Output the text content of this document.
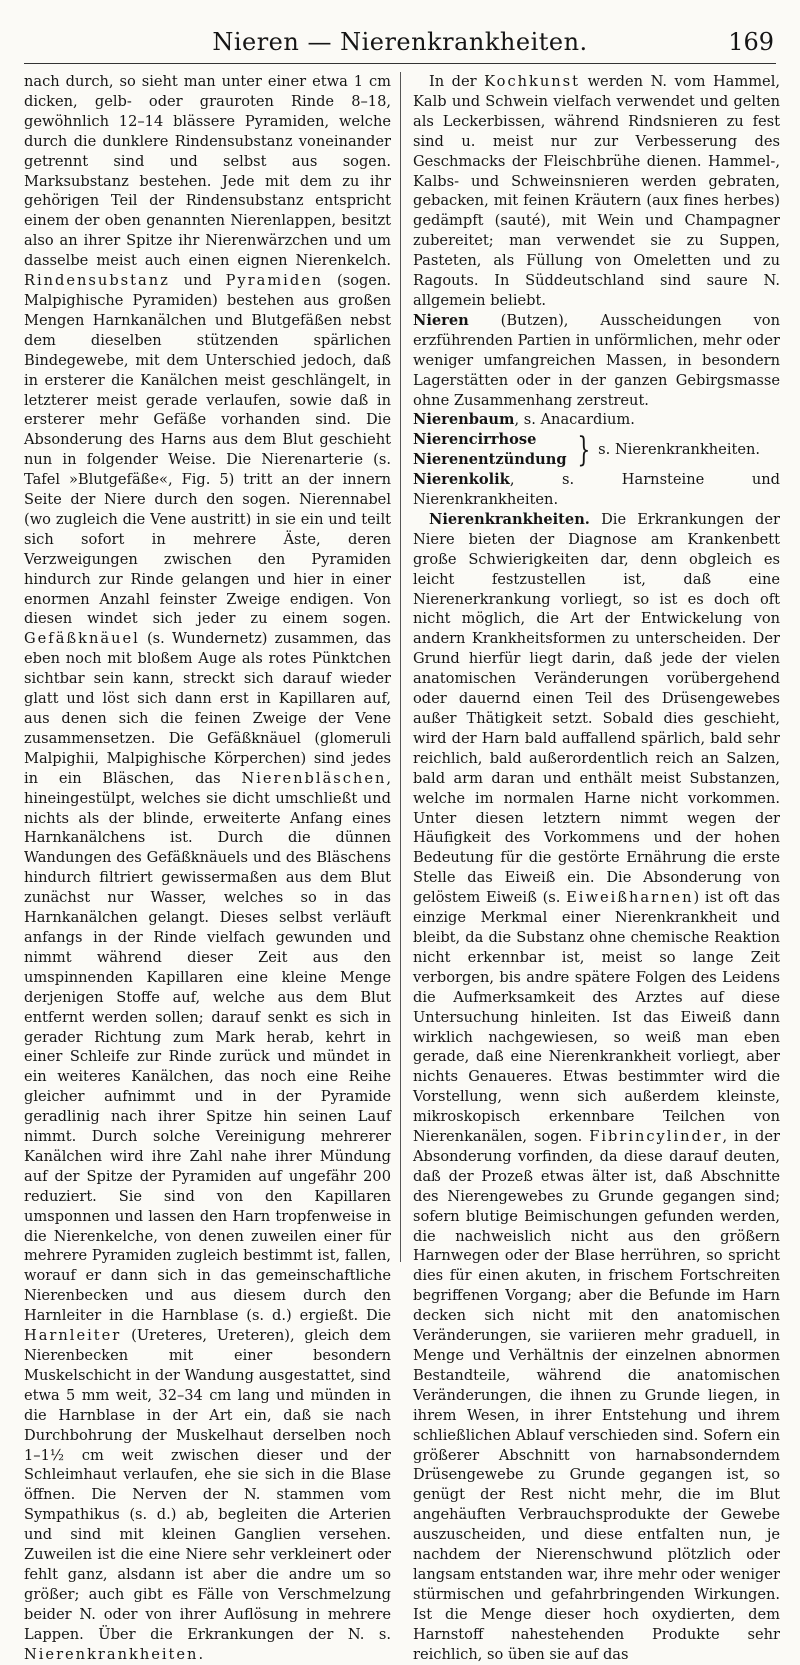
Nieren — Nierenkrankheiten.	169

nach durch, so sieht man unter einer etwa 1 cm dicken, gelb- oder grauroten Rinde 8–18, gewöhnlich 12–14 blässere Pyramiden, welche durch die dunklere Rindensubstanz voneinander getrennt sind und selbst aus sogen. Marksubstanz bestehen. Jede mit dem zu ihr gehörigen Teil der Rindensubstanz entspricht einem der oben genannten Nierenlappen, besitzt also an ihrer Spitze ihr Nierenwärzchen und um dasselbe meist auch einen eignen Nierenkelch. Rindensubstanz und Pyramiden (sogen. Malpighische Pyramiden) bestehen aus großen Mengen Harnkanälchen und Blutgefäßen nebst dem dieselben stützenden spärlichen Bindegewebe, mit dem Unterschied jedoch, daß in ersterer die Kanälchen meist geschlängelt, in letzterer meist gerade verlaufen, sowie daß in ersterer mehr Gefäße vorhanden sind. Die Absonderung des Harns aus dem Blut geschieht nun in folgender Weise. Die Nierenarterie (s. Tafel »Blutgefäße«, Fig. 5) tritt an der innern Seite der Niere durch den sogen. Nierennabel (wo zugleich die Vene austritt) in sie ein und teilt sich sofort in mehrere Äste, deren Verzweigungen zwischen den Pyramiden hindurch zur Rinde gelangen und hier in einer enormen Anzahl feinster Zweige endigen. Von diesen windet sich jeder zu einem sogen. Gefäßknäuel (s. Wundernetz) zusammen, das eben noch mit bloßem Auge als rotes Pünktchen sichtbar sein kann, streckt sich darauf wieder glatt und löst sich dann erst in Kapillaren auf, aus denen sich die feinen Zweige der Vene zusammensetzen. Die Gefäßknäuel (glomeruli Malpighii, Malpighische Körperchen) sind jedes in ein Bläschen, das Nierenbläschen, hineingestülpt, welches sie dicht umschließt und nichts als der blinde, erweiterte Anfang eines Harnkanälchens ist. Durch die dünnen Wandungen des Gefäßknäuels und des Bläschens hindurch filtriert gewissermaßen aus dem Blut zunächst nur Wasser, welches so in das Harnkanälchen gelangt. Dieses selbst verläuft anfangs in der Rinde vielfach gewunden und nimmt während dieser Zeit aus den umspinnenden Kapillaren eine kleine Menge derjenigen Stoffe auf, welche aus dem Blut entfernt werden sollen; darauf senkt es sich in gerader Richtung zum Mark herab, kehrt in einer Schleife zur Rinde zurück und mündet in ein weiteres Kanälchen, das noch eine Reihe gleicher aufnimmt und in der Pyramide geradlinig nach ihrer Spitze hin seinen Lauf nimmt. Durch solche Vereinigung mehrerer Kanälchen wird ihre Zahl nahe ihrer Mündung auf der Spitze der Pyramiden auf ungefähr 200 reduziert. Sie sind von den Kapillaren umsponnen und lassen den Harn tropfenweise in die Nierenkelche, von denen zuweilen einer für mehrere Pyramiden zugleich bestimmt ist, fallen, worauf er dann sich in das gemeinschaftliche Nierenbecken und aus diesem durch den Harnleiter in die Harnblase (s. d.) ergießt. Die Harnleiter (Ureteres, Ureteren), gleich dem Nierenbecken mit einer besondern Muskelschicht in der Wandung ausgestattet, sind etwa 5 mm weit, 32–34 cm lang und münden in die Harnblase in der Art ein, daß sie nach Durchbohrung der Muskelhaut derselben noch 1–1½ cm weit zwischen dieser und der Schleimhaut verlaufen, ehe sie sich in die Blase öffnen. Die Nerven der N. stammen vom Sympathikus (s. d.) ab, begleiten die Arterien und sind mit kleinen Ganglien versehen. Zuweilen ist die eine Niere sehr verkleinert oder fehlt ganz, alsdann ist aber die andre um so größer; auch gibt es Fälle von Verschmelzung beider N. oder von ihrer Auflösung in mehrere Lappen. Über die Erkrankungen der N. s. Nierenkrankheiten.

In der Kochkunst werden N. vom Hammel, Kalb und Schwein vielfach verwendet und gelten als Leckerbissen, während Rindsnieren zu fest sind u. meist nur zur Verbesserung des Geschmacks der Fleischbrühe dienen. Hammel-, Kalbs- und Schweinsnieren werden gebraten, gebacken, mit feinen Kräutern (aux fines herbes) gedämpft (sauté), mit Wein und Champagner zubereitet; man verwendet sie zu Suppen, Pasteten, als Füllung von Omeletten und zu Ragouts. In Süddeutschland sind saure N. allgemein beliebt.

Nieren (Butzen), Ausscheidungen von erzführenden Partien in unförmlichen, mehr oder weniger umfangreichen Massen, in besondern Lagerstätten oder in der ganzen Gebirgsmasse ohne Zusammenhang zerstreut.

Nierenbaum, s. Anacardium.

Nierencirrhose
Nierenentzündung } s. Nierenkrankheiten.

Nierenkolik, s. Harnsteine und Nierenkrankheiten.

Nierenkrankheiten. Die Erkrankungen der Niere bieten der Diagnose am Krankenbett große Schwierigkeiten dar, denn obgleich es leicht festzustellen ist, daß eine Nierenerkrankung vorliegt, so ist es doch oft nicht möglich, die Art der Entwickelung von andern Krankheitsformen zu unterscheiden. Der Grund hierfür liegt darin, daß jede der vielen anatomischen Veränderungen vorübergehend oder dauernd einen Teil des Drüsengewebes außer Thätigkeit setzt. Sobald dies geschieht, wird der Harn bald auffallend spärlich, bald sehr reichlich, bald außerordentlich reich an Salzen, bald arm daran und enthält meist Substanzen, welche im normalen Harne nicht vorkommen. Unter diesen letztern nimmt wegen der Häufigkeit des Vorkommens und der hohen Bedeutung für die gestörte Ernährung die erste Stelle das Eiweiß ein. Die Absonderung von gelöstem Eiweiß (s. Eiweißharnen) ist oft das einzige Merkmal einer Nierenkrankheit und bleibt, da die Substanz ohne chemische Reaktion nicht erkennbar ist, meist so lange Zeit verborgen, bis andre spätere Folgen des Leidens die Aufmerksamkeit des Arztes auf diese Untersuchung hinleiten. Ist das Eiweiß dann wirklich nachgewiesen, so weiß man eben gerade, daß eine Nierenkrankheit vorliegt, aber nichts Genaueres. Etwas bestimmter wird die Vorstellung, wenn sich außerdem kleinste, mikroskopisch erkennbare Teilchen von Nierenkanälen, sogen. Fibrincylinder, in der Absonderung vorfinden, da diese darauf deuten, daß der Prozeß etwas älter ist, daß Abschnitte des Nierengewebes zu Grunde gegangen sind; sofern blutige Beimischungen gefunden werden, die nachweislich nicht aus den größern Harnwegen oder der Blase herrühren, so spricht dies für einen akuten, in frischem Fortschreiten begriffenen Vorgang; aber die Befunde im Harn decken sich nicht mit den anatomischen Veränderungen, sie variieren mehr graduell, in Menge und Verhältnis der einzelnen abnormen Bestandteile, während die anatomischen Veränderungen, die ihnen zu Grunde liegen, in ihrem Wesen, in ihrer Entstehung und ihrem schließlichen Ablauf verschieden sind. Sofern ein größerer Abschnitt von harnabsonderndem Drüsengewebe zu Grunde gegangen ist, so genügt der Rest nicht mehr, die im Blut angehäuften Verbrauchsprodukte der Gewebe auszuscheiden, und diese entfalten nun, je nachdem der Nierenschwund plötzlich oder langsam entstanden war, ihre mehr oder weniger stürmischen und gefahrbringenden Wirkungen. Ist die Menge dieser hoch oxydierten, dem Harnstoff nahestehenden Produkte sehr reichlich, so üben sie auf das
